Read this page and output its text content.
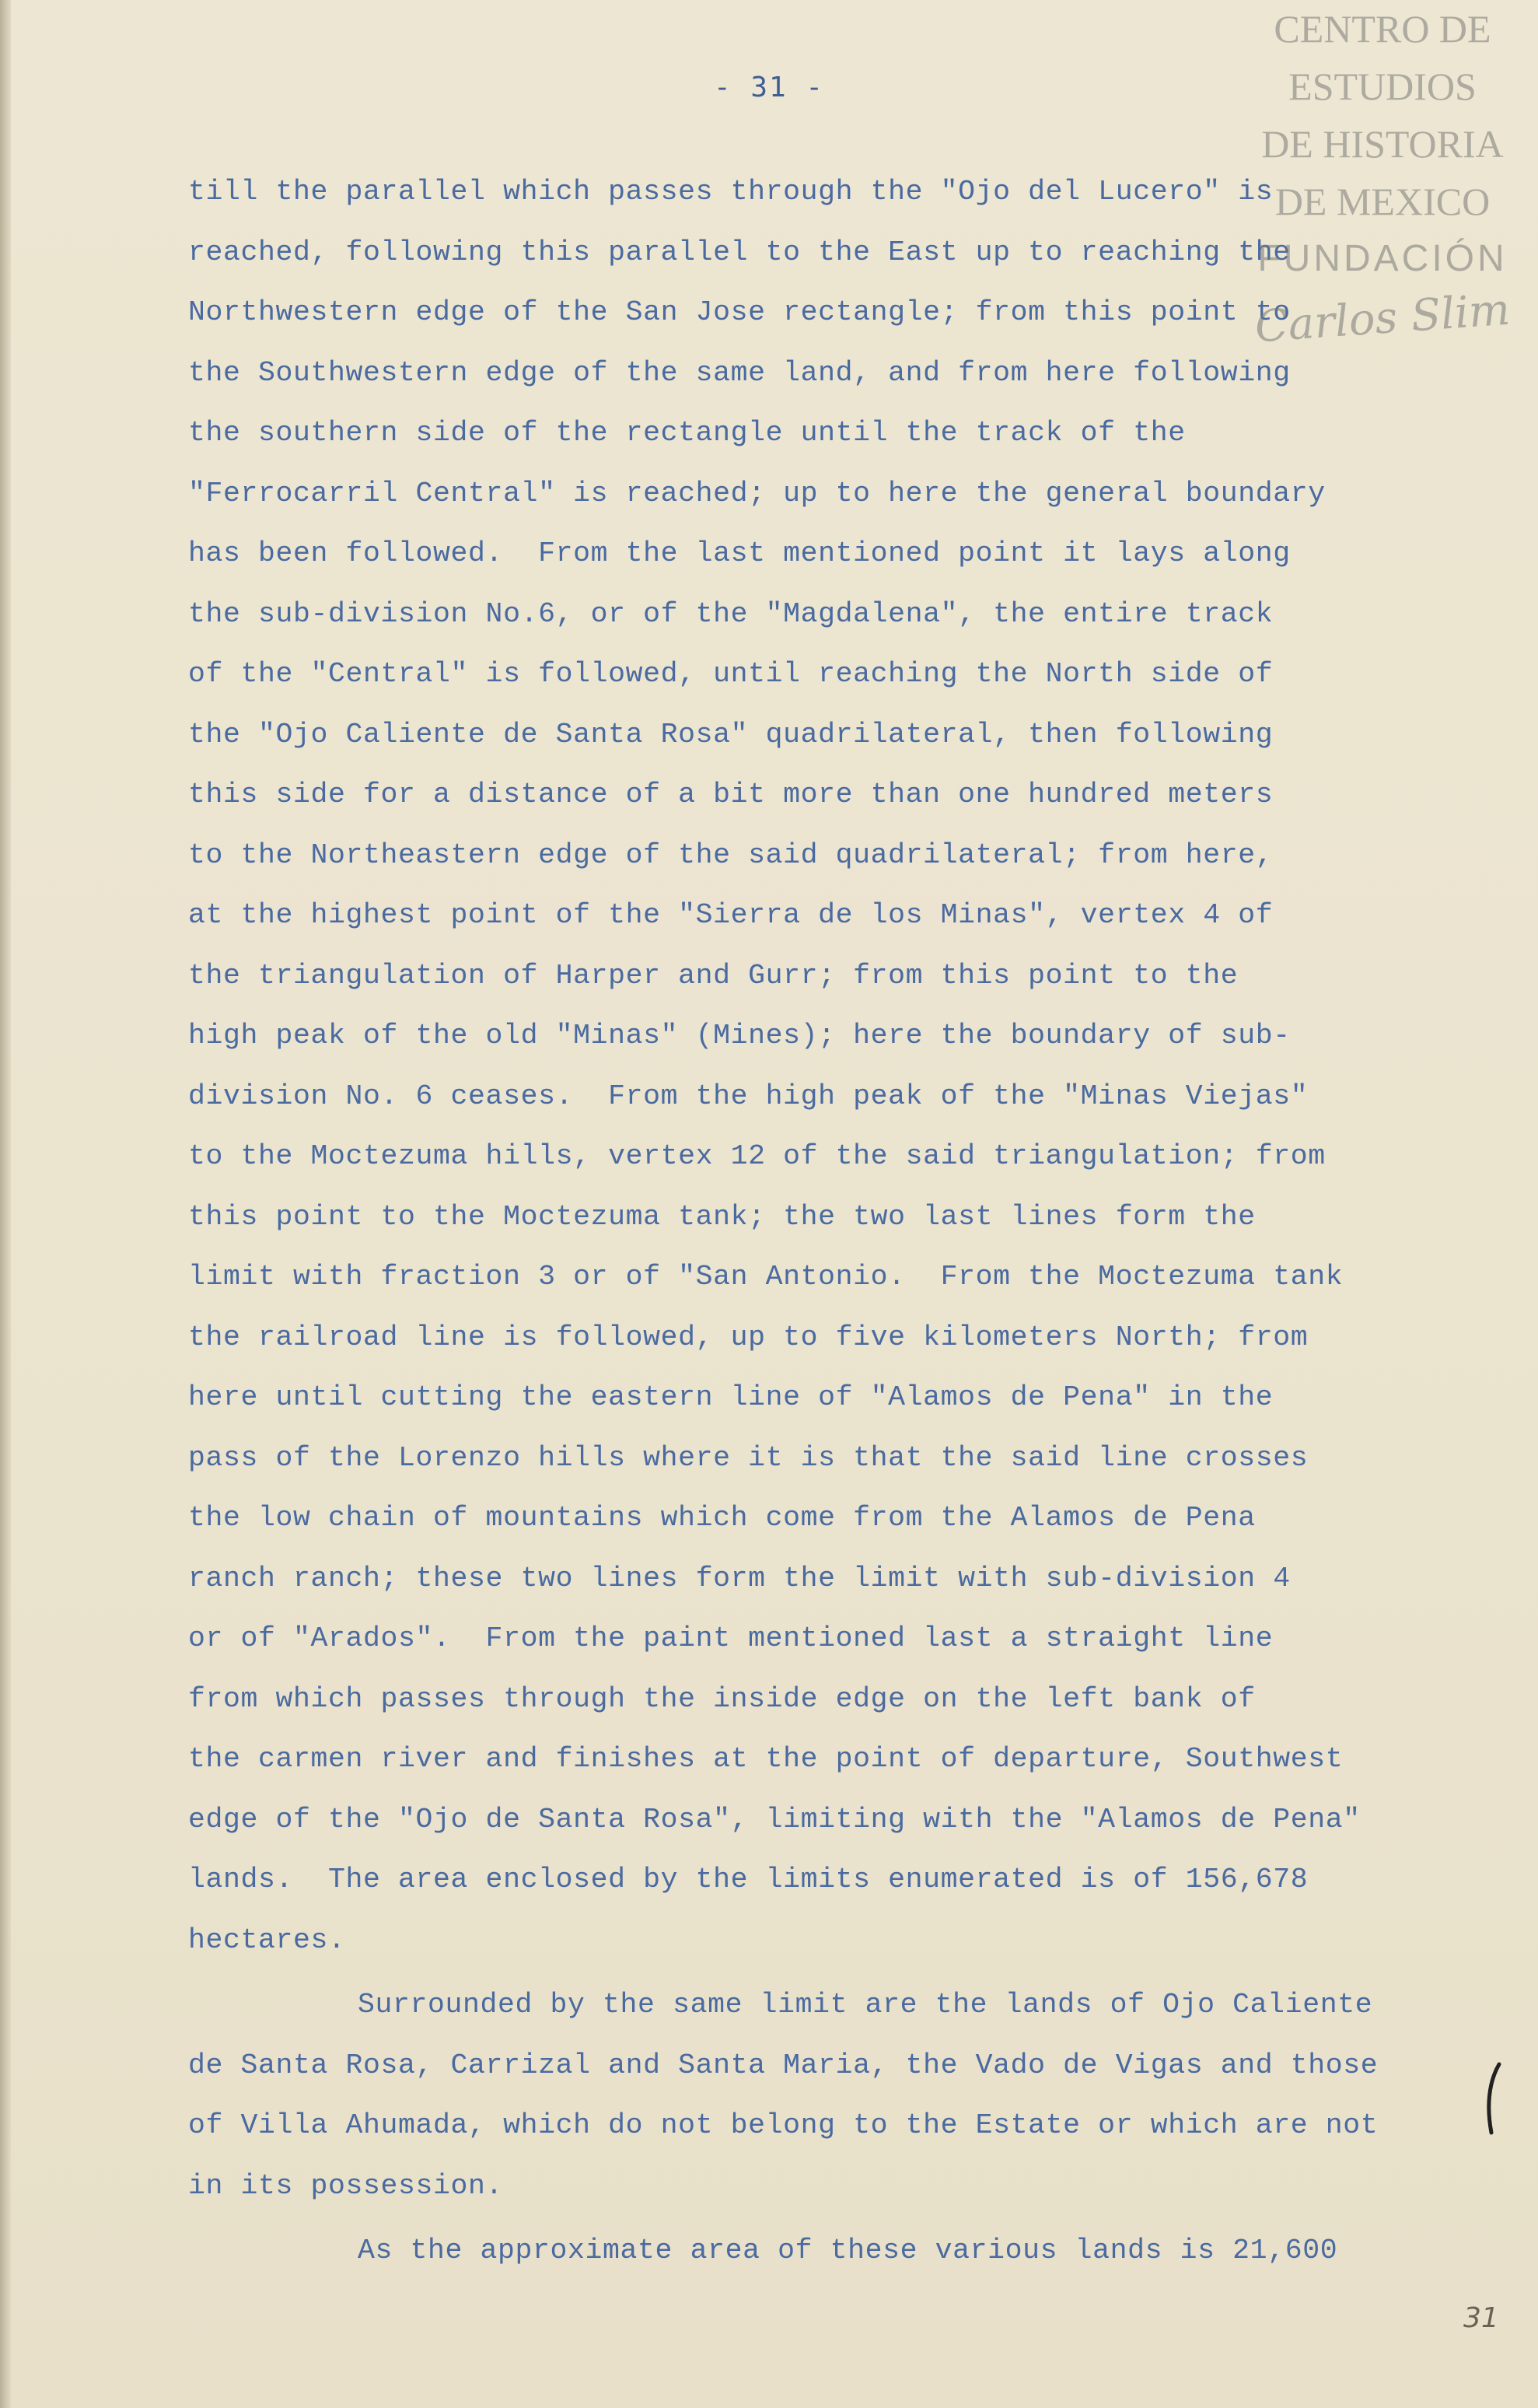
- 31 -
till the parallel which passes through the "Ojo del Lucero" is
reached, following this parallel to the East up to reaching the
Northwestern edge of the San Jose rectangle; from this point to
the Southwestern edge of the same land, and from here following
the southern side of the rectangle until the track of the
"Ferrocarril Central" is reached; up to here the general boundary
has been followed.  From the last mentioned point it lays along
the sub-division No.6, or of the "Magdalena", the entire track
of the "Central" is followed, until reaching the North side of
the "Ojo Caliente de Santa Rosa" quadrilateral, then following
this side for a distance of a bit more than one hundred meters
to the Northeastern edge of the said quadrilateral; from here,
at the highest point of the "Sierra de los Minas", vertex 4 of
the triangulation of Harper and Gurr; from this point to the
high peak of the old "Minas" (Mines); here the boundary of sub-
division No. 6 ceases.  From the high peak of the "Minas Viejas"
to the Moctezuma hills, vertex 12 of the said triangulation; from
this point to the Moctezuma tank; the two last lines form the
limit with fraction 3 or of "San Antonio.  From the Moctezuma tank
the railroad line is followed, up to five kilometers North; from
here until cutting the eastern line of "Alamos de Pena" in the
pass of the Lorenzo hills where it is that the said line crosses
the low chain of mountains which come from the Alamos de Pena
ranch ranch; these two lines form the limit with sub-division 4
or of "Arados".  From the paint mentioned last a straight line
from which passes through the inside edge on the left bank of
the carmen river and finishes at the point of departure, Southwest
edge of the "Ojo de Santa Rosa", limiting with the "Alamos de Pena"
lands.  The area enclosed by the limits enumerated is of 156,678
hectares.
Surrounded by the same limit are the lands of Ojo Caliente
de Santa Rosa, Carrizal and Santa Maria, the Vado de Vigas and those
of Villa Ahumada, which do not belong to the Estate or which are not
in its possession.
As the approximate area of these various lands is 21,600
CENTRO DE
ESTUDIOS
DE HISTORIA
DE MEXICO
FUNDACIÓN
Carlos Slim
31
